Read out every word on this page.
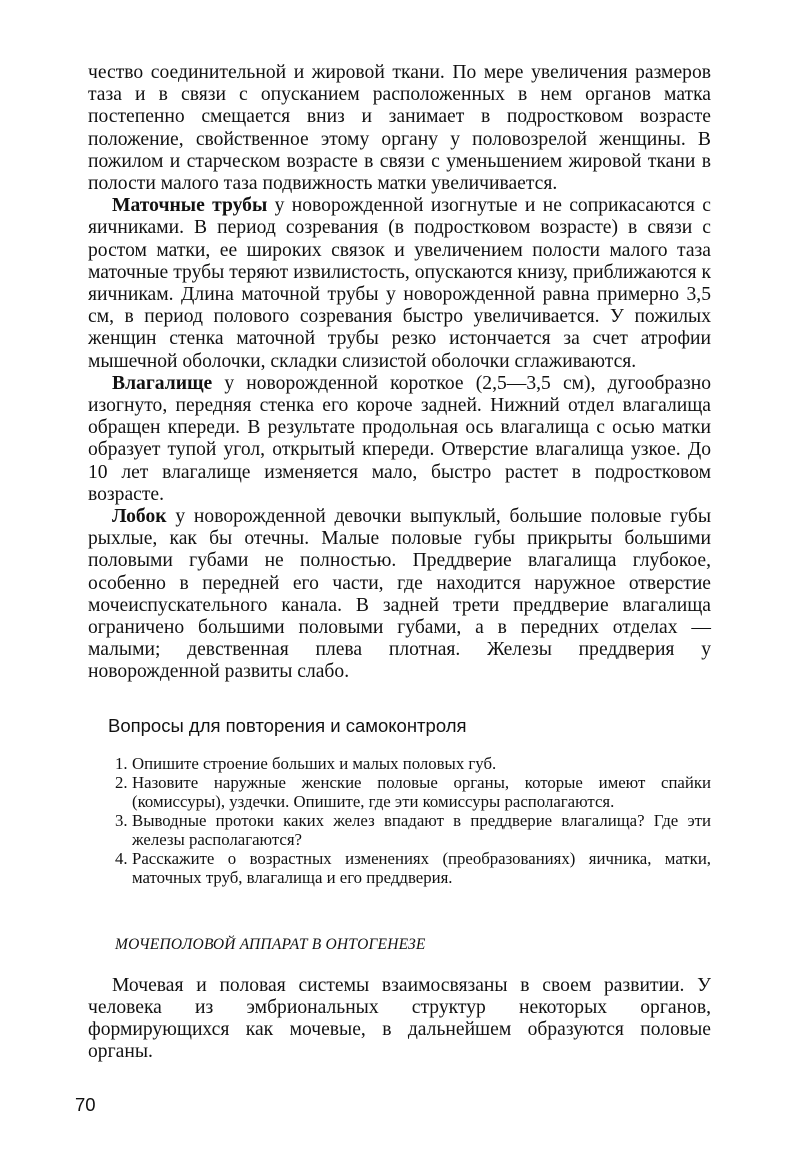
чество соединительной и жировой ткани. По мере увеличения размеров таза и в связи с опусканием расположенных в нем органов матка постепенно смещается вниз и занимает в подростковом возрасте положение, свойственное этому органу у половозрелой женщины. В пожилом и старческом возрасте в связи с уменьшением жировой ткани в полости малого таза подвижность матки увеличивается.

Маточные трубы у новорожденной изогнутые и не соприкасаются с яичниками. В период созревания (в подростковом возрасте) в связи с ростом матки, ее широких связок и увеличением полости малого таза маточные трубы теряют извилистость, опускаются книзу, приближаются к яичникам. Длина маточной трубы у новорожденной равна примерно 3,5 см, в период полового созревания быстро увеличивается. У пожилых женщин стенка маточной трубы резко истончается за счет атрофии мышечной оболочки, складки слизистой оболочки сглаживаются.

Влагалище у новорожденной короткое (2,5—3,5 см), дугообразно изогнуто, передняя стенка его короче задней. Нижний отдел влагалища обращен кпереди. В результате продольная ось влагалища с осью матки образует тупой угол, открытый кпереди. Отверстие влагалища узкое. До 10 лет влагалище изменяется мало, быстро растет в подростковом возрасте.

Лобок у новорожденной девочки выпуклый, большие половые губы рыхлые, как бы отечны. Малые половые губы прикрыты большими половыми губами не полностью. Преддверие влагалища глубокое, особенно в передней его части, где находится наружное отверстие мочеиспускательного канала. В задней трети преддверие влагалища ограничено большими половыми губами, а в передних отделах — малыми; девственная плева плотная. Железы преддверия у новорожденной развиты слабо.

Вопросы для повторения и самоконтроля
1. Опишите строение больших и малых половых губ.
2. Назовите наружные женские половые органы, которые имеют спайки (комиссуры), уздечки. Опишите, где эти комиссуры располагаются.
3. Выводные протоки каких желез впадают в преддверие влагалища? Где эти железы располагаются?
4. Расскажите о возрастных изменениях (преобразованиях) яичника, матки, маточных труб, влагалища и его преддверия.
МОЧЕПОЛОВОЙ АППАРАТ В ОНТОГЕНЕЗЕ

Мочевая и половая системы взаимосвязаны в своем развитии. У человека из эмбриональных структур некоторых органов, формирующихся как мочевые, в дальнейшем образуются половые органы.

70
